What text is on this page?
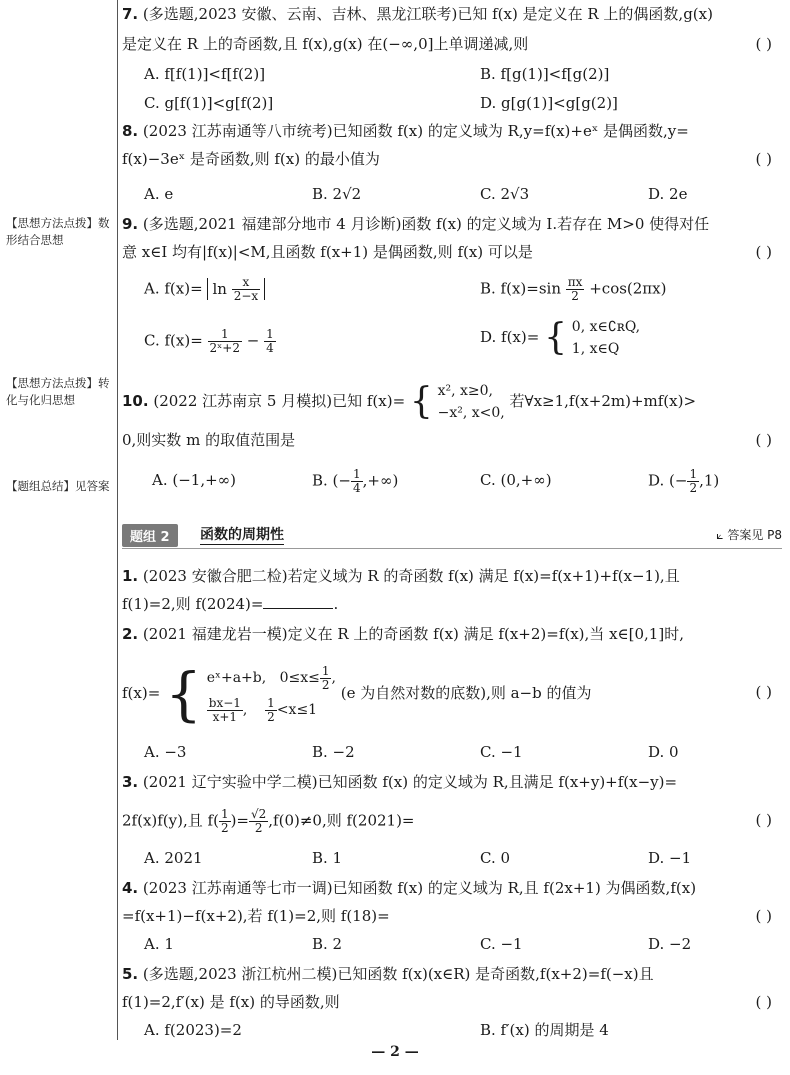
【思想方法点拨】数形结合思想
【思想方法点拨】转化与化归思想
【题组总结】见答案
7. (多选题,2023 安徽、云南、吉林、黑龙江联考)已知 f(x) 是定义在 R 上的偶函数,g(x)
是定义在 R 上的奇函数,且 f(x),g(x) 在(−∞,0]上单调递减,则	( )
A. f[f(1)]<f[f(2)]	B. f[g(1)]<f[g(2)]
C. g[f(1)]<g[f(2)]	D. g[g(1)]<g[g(2)]
8. (2023 江苏南通等八市统考)已知函数 f(x) 的定义域为 R,y=f(x)+eˣ 是偶函数,y=
f(x)−3eˣ 是奇函数,则 f(x) 的最小值为	( )
A. e	B. 2√2	C. 2√3	D. 2e
9. (多选题,2021 福建部分地市 4 月诊断)函数 f(x) 的定义域为 I.若存在 M>0 使得对任
意 x∈I 均有|f(x)|<M,且函数 f(x+1) 是偶函数,则 f(x) 可以是	( )
A. $f(x)= \ln \frac{x}{2-x}$	B. $f(x)=\sin \frac{\pi x}{2} +\cos(2\pi x)$
C. $f(x)= \frac{1}{\text{2ˣ+2}} - \frac{1}{4}$	D. f(x)= { 0, x∈∁ʀQ,
1, x∈Q
10. (2022 江苏南京 5 月模拟)已知 f(x)= { x², x≥0,
−x², x<0,
若∀x≥1,f(x+2m)+mf(x)>
0,则实数 m 的取值范围是	( )
A. (−1,+∞)	B. (− $\frac{1}{4}$ ,+∞)	C. (0,+∞)	D. (− $\frac{1}{2} ,1$)
题组 2	函数的周期性	⟀ 答案见 P8
1. (2023 安徽合肥二检)若定义域为 R 的奇函数 f(x) 满足 f(x)=f(x+1)+f(x−1),且
f(1)=2,则 f(2024)=	.
2. (2021 福建龙岩一模)定义在 R 上的奇函数 f(x) 满足 f(x+2)=f(x),当 x∈[0,1]时,
f(x)= { eˣ+a+b, $0\le x\le \frac{1}{2}$ ,
$\frac{bx-1}{x+1}$ , $\frac{1}{2} <x\le 1$
(e 为自然对数的底数),则 a−b 的值为	( )
A. −3	B. −2	C. −1	D. 0
3. (2021 辽宁实验中学二模)已知函数 f(x) 的定义域为 R,且满足 f(x+y)+f(x−y)=
2f(x)f(y),且 $f( \frac{1}{2}$ )= $\frac{√2}{2} ,f(0)\ne 0$,则 f(2021)=	( )
A. 2021	B. 1	C. 0	D. −1
4. (2023 江苏南通等七市一调)已知函数 f(x) 的定义域为 R,且 f(2x+1) 为偶函数,f(x)
=f(x+1)−f(x+2),若 f(1)=2,则 f(18)=	( )
A. 1	B. 2	C. −1	D. −2
5. (多选题,2023 浙江杭州二模)已知函数 f(x)(x∈R) 是奇函数,f(x+2)=f(−x)且
f(1)=2,f′(x) 是 f(x) 的导函数,则	( )
A. f(2023)=2	B. f′(x) 的周期是 4
— 2 —
